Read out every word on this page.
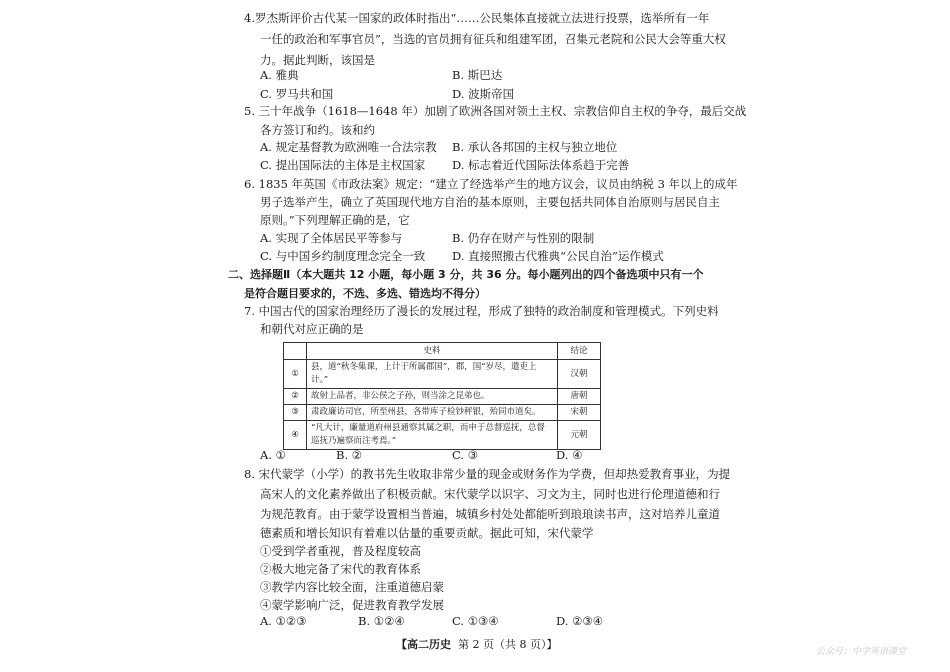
4.罗杰斯评价古代某一国家的政体时指出“……公民集体直接就立法进行投票，选举所有一年
一任的政治和军事官员”，当选的官员拥有征兵和组建军团，召集元老院和公民大会等重大权
力。据此判断，该国是
A. 雅典	B. 斯巴达
C. 罗马共和国	D. 波斯帝国
5. 三十年战争（1618—1648 年）加剧了欧洲各国对领土主权、宗教信仰自主权的争夺，最后交战
各方签订和约。该和约
A. 规定基督教为欧洲唯一合法宗教 B. 承认各邦国的主权与独立地位
C. 提出国际法的主体是主权国家 D. 标志着近代国际法体系趋于完善
6. 1835 年英国《市政法案》规定：“建立了经选举产生的地方议会，议员由纳税 3 年以上的成年
男子选举产生，确立了英国现代地方自治的基本原则，主要包括共同体自治原则与居民自主
原则。”下列理解正确的是，它
A. 实现了全体居民平等参与	B. 仍存在财产与性别的限制
C. 与中国乡约制度理念完全一致 D. 直接照搬古代雅典“公民自治”运作模式
二、选择题Ⅱ（本大题共 12 小题，每小题 3 分，共 36 分。每小题列出的四个备选项中只有一个
是符合题目要求的，不选、多选、错选均不得分）
7. 中国古代的国家治理经历了漫长的发展过程，形成了独特的政治制度和管理模式。下列史料
和朝代对应正确的是
	史料	结论
①	县，道“秋冬集课，上计于所属郡国”，郡，国“岁尽，遣吏上计。”	汉朝
②	故射上品者，非公侯之子孙，则当涂之昆弟也。	唐朝
③	肃政廉访司官，所至州县，各带库子检钞秤银，殆同市道矣。	宋朝
④	“凡大计，廉量道府州县通察其属之职，而申于总督巡抚，总督巡抚乃遍察而注考焉。”	元朝
A. ①	B. ②	C. ③	D. ④
8. 宋代蒙学（小学）的教书先生收取非常少量的现金或财务作为学费，但却热爱教育事业，为提
高宋人的文化素养做出了积极贡献。宋代蒙学以识字、习文为主，同时也进行伦理道德和行
为规范教育。由于蒙学设置相当普遍，城镇乡村处处都能听到琅琅读书声，这对培养儿童道
德素质和增长知识有着难以估量的重要贡献。据此可知，宋代蒙学
①受到学者重视，普及程度较高
②极大地完备了宋代的教育体系
③教学内容比较全面，注重道德启蒙
④蒙学影响广泛，促进教育教学发展
A. ①②③	B. ①②④	C. ①③④	D. ②③④
【高二历史 第 2 页（共 8 页）】
公众号：中学英语课堂
